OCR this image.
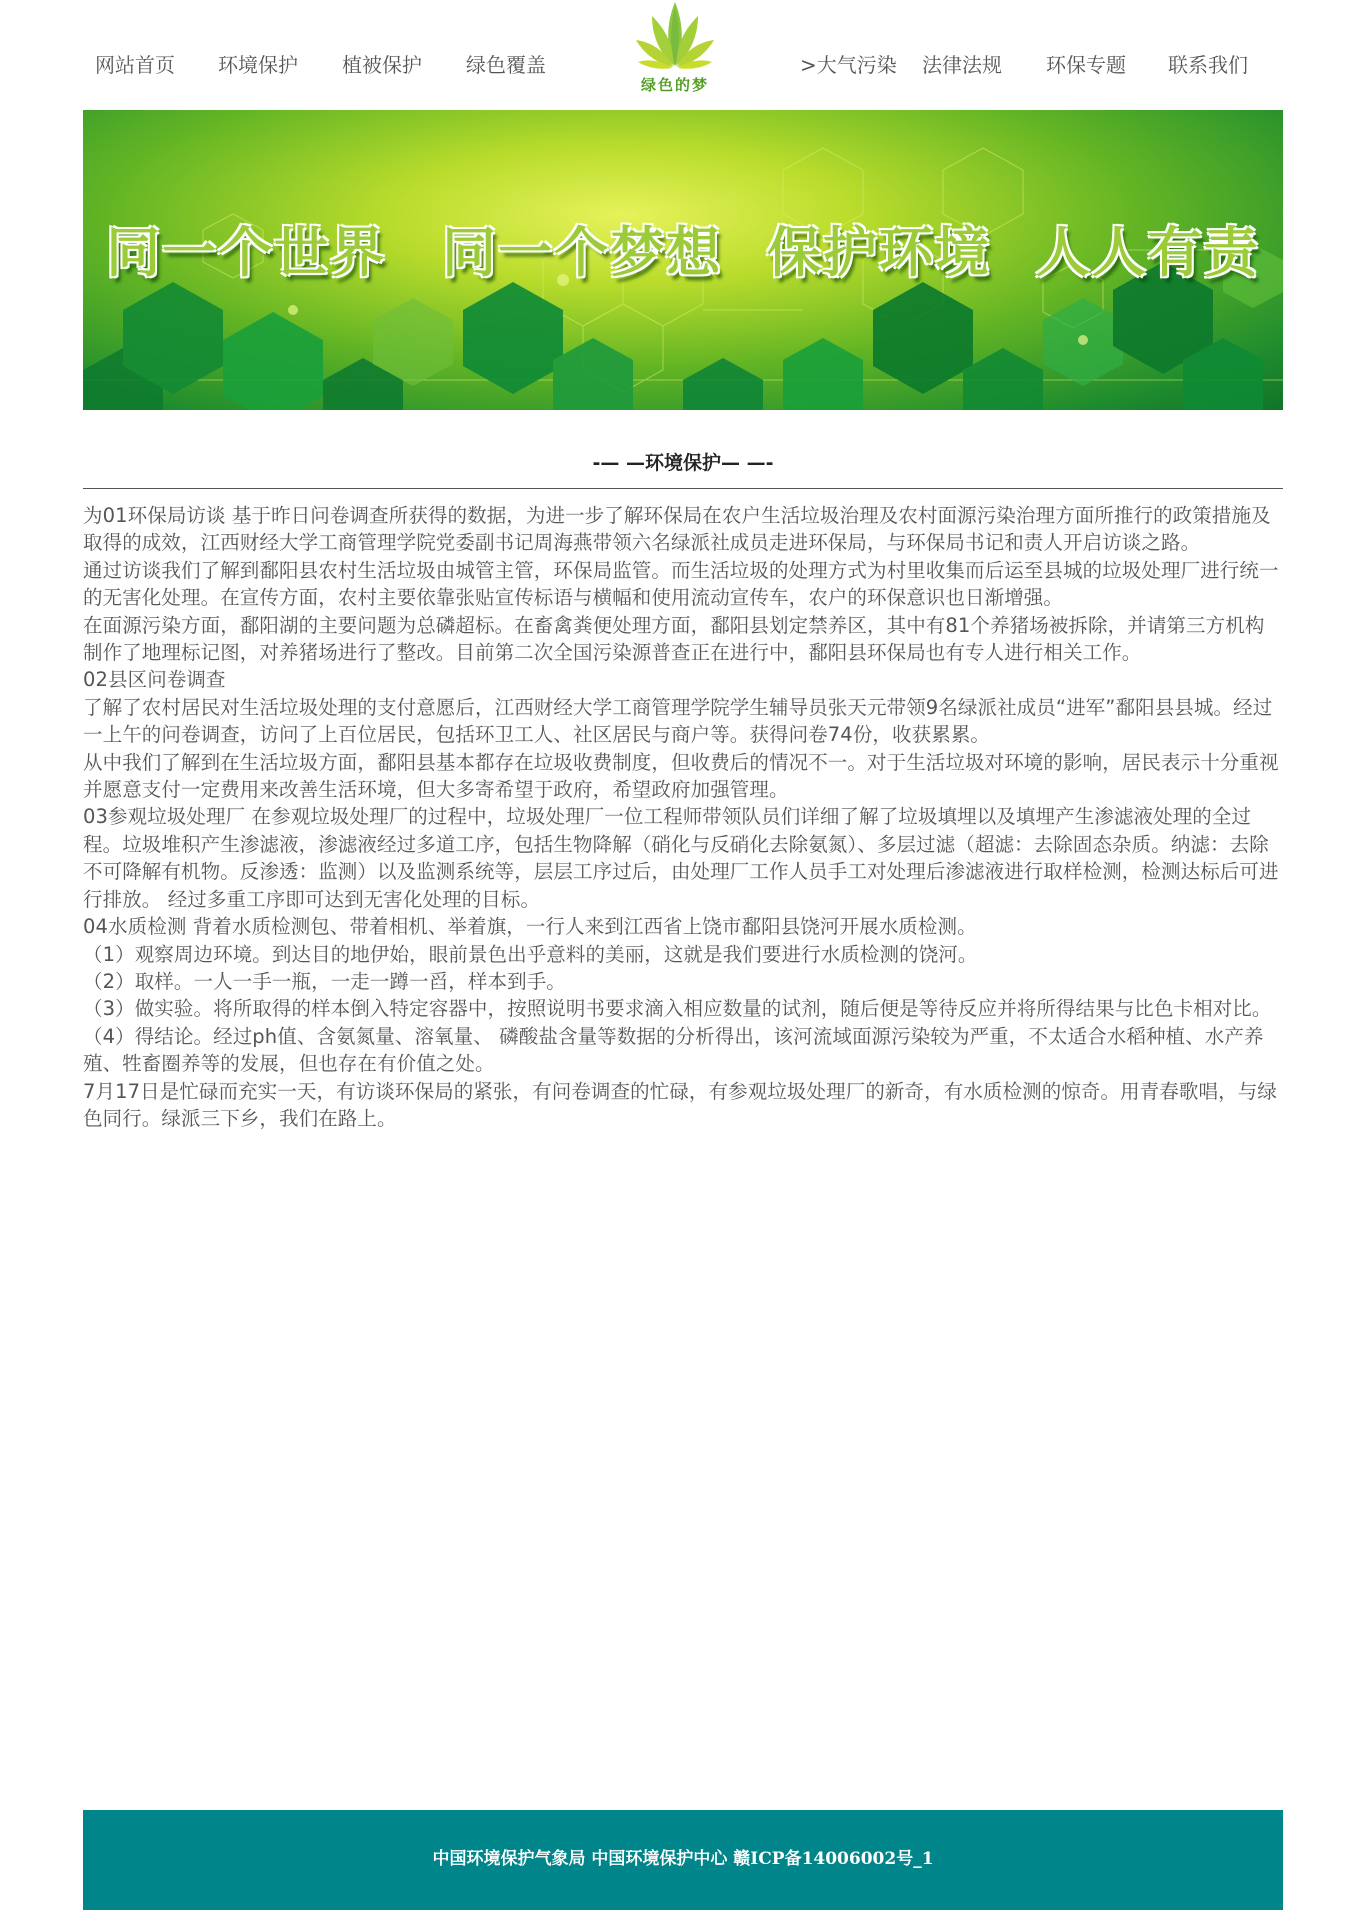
网站首页 环境保护 植被保护 绿色覆盖
绿色的梦
>大气污染 法律法规 环保专题 联系我们
同一个世界　同一个梦想 保护环境 人人有责
-— —环境保护— —-

为01环保局访谈 基于昨日问卷调查所获得的数据，为进一步了解环保局在农户生活垃圾治理及农村面源污染治理方面所推行的政策措施及取得的成效，江西财经大学工商管理学院党委副书记周海燕带领六名绿派社成员走进环保局，与环保局书记和责人开启访谈之路。

通过访谈我们了解到鄱阳县农村生活垃圾由城管主管，环保局监管。而生活垃圾的处理方式为村里收集而后运至县城的垃圾处理厂进行统一的无害化处理。在宣传方面，农村主要依靠张贴宣传标语与横幅和使用流动宣传车，农户的环保意识也日渐增强。

在面源污染方面，鄱阳湖的主要问题为总磷超标。在畜禽粪便处理方面，鄱阳县划定禁养区，其中有81个养猪场被拆除，并请第三方机构制作了地理标记图，对养猪场进行了整改。目前第二次全国污染源普查正在进行中，鄱阳县环保局也有专人进行相关工作。

02县区问卷调查

了解了农村居民对生活垃圾处理的支付意愿后，江西财经大学工商管理学院学生辅导员张天元带领9名绿派社成员“进军”鄱阳县县城。经过一上午的问卷调查，访问了上百位居民，包括环卫工人、社区居民与商户等。获得问卷74份，收获累累。

从中我们了解到在生活垃圾方面，鄱阳县基本都存在垃圾收费制度，但收费后的情况不一。对于生活垃圾对环境的影响，居民表示十分重视并愿意支付一定费用来改善生活环境，但大多寄希望于政府，希望政府加强管理。

03参观垃圾处理厂 在参观垃圾处理厂的过程中，垃圾处理厂一位工程师带领队员们详细了解了垃圾填埋以及填埋产生渗滤液处理的全过程。垃圾堆积产生渗滤液，渗滤液经过多道工序，包括生物降解（硝化与反硝化去除氨氮）、多层过滤（超滤：去除固态杂质。纳滤：去除不可降解有机物。反渗透：监测）以及监测系统等，层层工序过后，由处理厂工作人员手工对处理后渗滤液进行取样检测，检测达标后可进行排放。 经过多重工序即可达到无害化处理的目标。

04水质检测 背着水质检测包、带着相机、举着旗，一行人来到江西省上饶市鄱阳县饶河开展水质检测。

（1）观察周边环境。到达目的地伊始，眼前景色出乎意料的美丽，这就是我们要进行水质检测的饶河。

（2）取样。一人一手一瓶，一走一蹲一舀，样本到手。

（3）做实验。将所取得的样本倒入特定容器中，按照说明书要求滴入相应数量的试剂，随后便是等待反应并将所得结果与比色卡相对比。

（4）得结论。经过ph值、含氨氮量、溶氧量、 磷酸盐含量等数据的分析得出，该河流域面源污染较为严重，不太适合水稻种植、水产养殖、牲畜圈养等的发展，但也存在有价值之处。

7月17日是忙碌而充实一天，有访谈环保局的紧张，有问卷调查的忙碌，有参观垃圾处理厂的新奇，有水质检测的惊奇。用青春歌唱，与绿色同行。绿派三下乡，我们在路上。

中国环境保护气象局 中国环境保护中心 赣ICP备14006002号_1
